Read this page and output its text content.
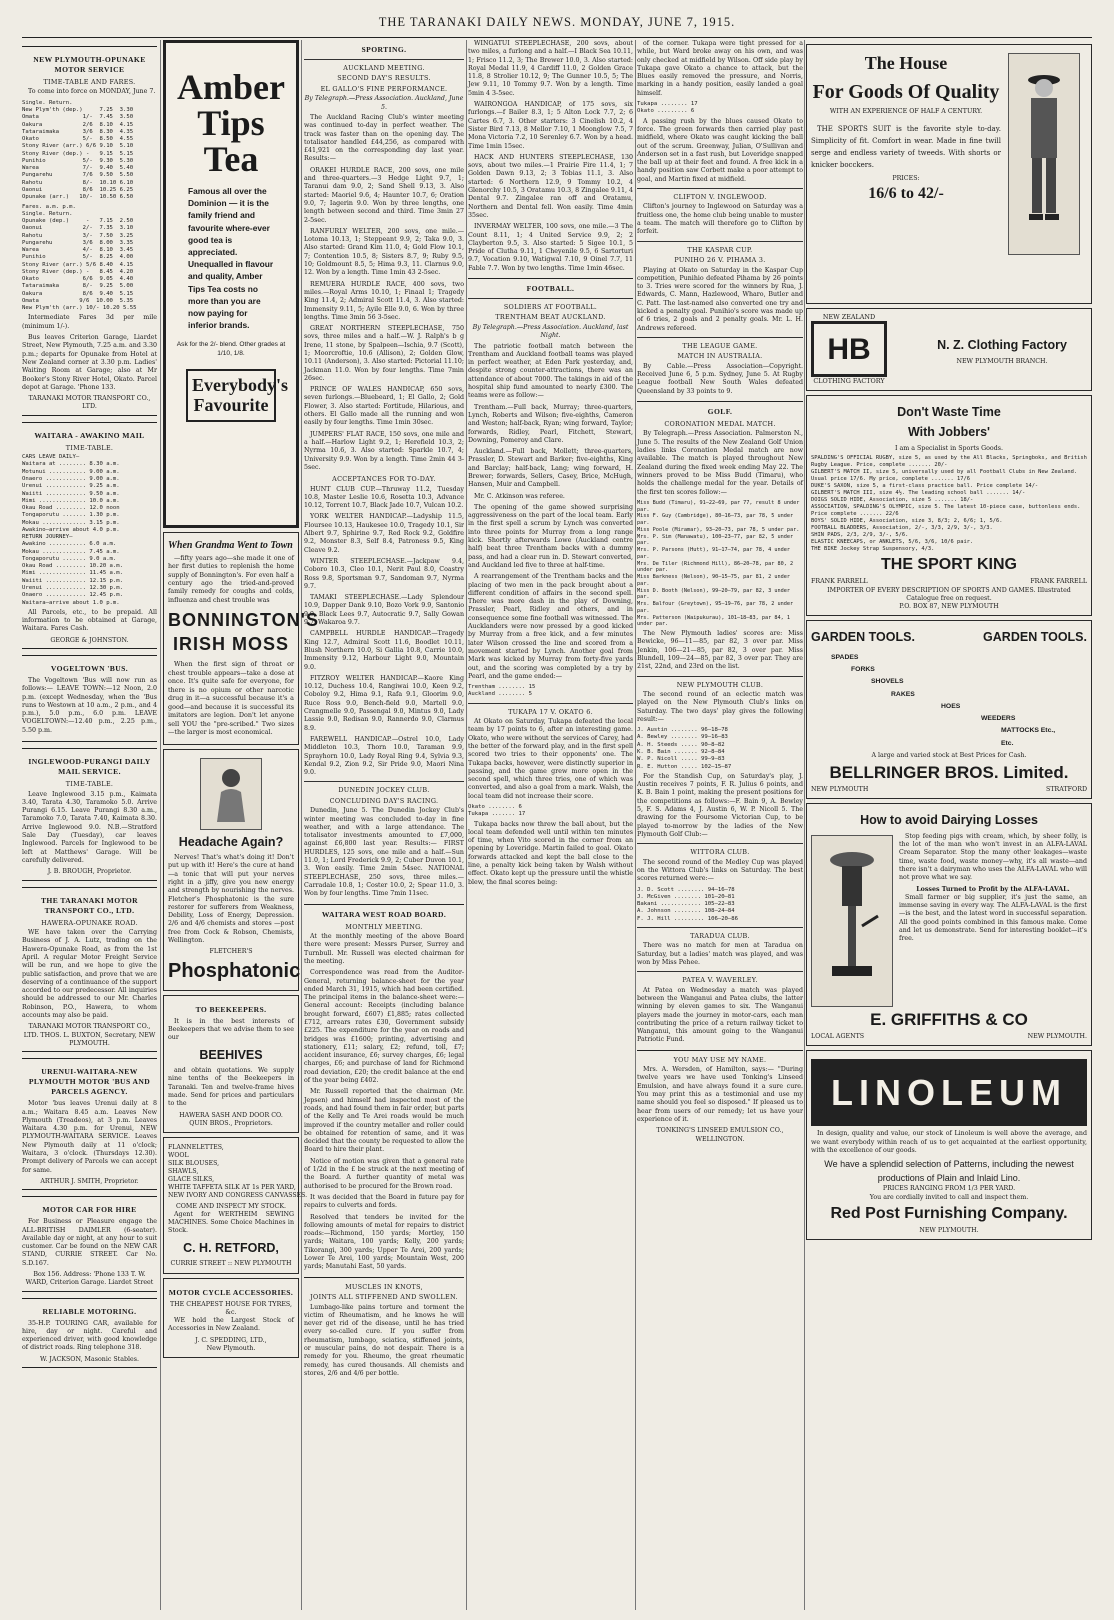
THE TARANAKI DAILY NEWS. MONDAY, JUNE 7, 1915.
NEW PLYMOUTH-OPUNAKE MOTOR SERVICE
TIME-TABLE AND FARES.

To come into force on MONDAY, June 7.

Single. Return.
New Plym'th (dep.)     7.25  3.30
Omata             1/-  7.45  3.50
Oakura            2/6  8.10  4.15
Tataraimaka       3/6  8.30  4.35
Okato             5/-  8.50  4.55
Stony River (arr.) 6/6 9.10  5.10
Stony River (dep.) -   9.15  5.15
Punihio           5/-  9.30  5.30
Warea             7/-  9.40  5.40
Pungarehu         7/6  9.50  5.50
Rahotu            8/-  10.10 6.10
Oaonui            8/6  10.25 6.25
Opunake (arr.)   10/-  10.50 6.50
Fares. a.m. p.m.
Single. Return.
Opunake (dep.)     -   7.15  2.50
Oaonui            2/-  7.35  3.10
Rahotu            3/-  7.50  3.25
Pungarehu         3/6  8.00  3.35
Warea             4/-  8.10  3.45
Punihio           5/-  8.25  4.00
Stony River (arr.) 5/6 8.40  4.15
Stony River (dep.) -   8.45  4.20
Okato             6/6  9.05  4.40
Tataraimaka       8/-  9.25  5.00
Oakura            8/6  9.40  5.15
Omata            9/6  10.00  5.35
New Plym'th (arr.) 10/- 10.20 5.55

Intermediate Fares 3d per mile (minimum 1/-).

Bus leaves Criterion Garage, Liardet Street, New Plymouth, 7.25 a.m. and 3.30 p.m.; departs for Opunake from Hotel at New Zealand corner at 3.30 p.m. Ladies' Waiting Room at Garage; also at Mr Booker's Stony River Hotel, Okato. Parcel depot at Garage. 'Phone 133.

TARANAKI MOTOR TRANSPORT CO., LTD.
WAITARA - AWAKINO MAIL
TIME-TABLE.
CARS LEAVE DAILY—
Waitara at ........ 8.30 a.m.
Motunui ........... 9.00 a.m.
Onaero ............ 9.00 a.m.
Urenui ............ 9.25 a.m.
Waiiti ............ 9.50 a.m.
Mimi .............. 10.0 a.m.
Okau Road ......... 12.0 noon
Tongaporutu ....... 1.30 p.m.
Mokau ............. 3.15 p.m.
Awakino—arrive about 4.0 p.m.
RETURN JOURNEY—
Awakino ........... 6.0 a.m.
Mokau ............. 7.45 a.m.
Tongaporutu ....... 9.0 a.m.
Okau Road ......... 10.20 a.m.
Mimi .............. 11.45 a.m.
Waiiti ............ 12.15 p.m.
Urenui ............ 12.30 p.m.
Onaero ............ 12.45 p.m.
Waitara—arrive about 1.0 p.m.

All Parcels, etc., to be prepaid. All information to be obtained at Garage, Waitara. Fares Cash.

GEORGE & JOHNSTON.
VOGELTOWN 'BUS.

The Vogeltown 'Bus will now run as follows:— LEAVE TOWN:—12 Noon, 2.0 p.m. (except Wednesday, when the 'Bus runs to Westown at 10 a.m., 2 p.m., and 4 p.m.), 5.0 p.m., 6.0 p.m. LEAVE VOGELTOWN:—12.40 p.m., 2.25 p.m., 5.50 p.m.

INGLEWOOD-PURANGI DAILY MAIL SERVICE.
TIME-TABLE.

Leave Inglewood 3.15 p.m., Kaimata 3.40, Tarata 4.30, Taramoko 5.0. Arrive Purangi 6.15. Leave Purangi 8.30 a.m., Taramoko 7.0, Tarata 7.40, Kaimata 8.30. Arrive Inglewood 9.0. N.B.—Stratford Sale Day (Tuesday), car leaves Inglewood. Parcels for Inglewood to be left at Matthews' Garage. Will be carefully delivered.

J. B. BROUGH, Proprietor.
THE TARANAKI MOTOR TRANSPORT CO., LTD.
HAWERA-OPUNAKE ROAD.

WE have taken over the Carrying Business of J. A. Lutz, trading on the Hawera-Opunake Road, as from the 1st April. A regular Motor Freight Service will be run, and we hope to give the public satisfaction, and prove that we are deserving of a continuance of the support accorded to our predecessor. All inquiries should be addressed to our Mr. Charles Robinson, P.O., Hawera, to whom accounts may also be paid.

TARANAKI MOTOR TRANSPORT CO., LTD. THOS. L. BUXTON, Secretary, NEW PLYMOUTH.
URENUI-WAITARA-NEW PLYMOUTH MOTOR 'BUS AND PARCELS AGENCY.

Motor 'bus leaves Urenui daily at 8 a.m.; Waitara 8.45 a.m. Leaves New Plymouth (Treadeos), at 3 p.m. Leaves Waitara 4.30 p.m. for Urenui, NEW PLYMOUTH-WAITARA SERVICE. Leaves New Plymouth daily at 11 o'clock; Waitara, 3 o'clock. (Thursdays 12.30). Prompt delivery of Parcels we can accept for same.

ARTHUR J. SMITH, Proprietor.
MOTOR CAR FOR HIRE

For Business or Pleasure engage the ALL-BRITISH DAIMLER (6-seater). Available day or night, at any hour to suit customer. Car be found on the NEW CAR STAND, CURRIE STREET. Car No. S.D.167.

Box 156. Address: 'Phone 133 T. W. WARD, Criterion Garage. Liardet Street
RELIABLE MOTORING.

35-H.P. TOURING CAR, available for hire, day or night. Careful and experienced driver, with good knowledge of district roads. Ring telephone 318.

W. JACKSON, Masonic Stables.
Amber
Tips Tea
Famous all over the Dominion — it is the family friend and favourite where-ever good tea is appreciated. Unequalled in flavour and quality, Amber Tips Tea costs no more than you are now paying for inferior brands.
Ask for the 2/- blend. Other grades at 1/10, 1/8.
Everybody's Favourite
When Grandma Went to Town

—fifty years ago—she made it one of her first duties to replenish the home supply of Bonnington's. For even half a century ago the tried-and-proved family remedy for coughs and colds, influenza and chest trouble was

BONNINGTON'S IRISH MOSS

When the first sign of throat or chest trouble appears—take a dose at once. It's quite safe for everyone, for there is no opium or other narcotic drug in it—a successful because it's a good—and because it is successful its imitators are legion. Don't let anyone sell YOU the "pre-scribed." Two sizes—the larger is most economical.

Headache Again?

Nerves! That's what's doing it! Don't put up with it! Here's the cure at hand—a tonic that will put your nerves right in a jiffy, give you new energy and strength by nourishing the nerves. Fletcher's Phosphatonic is the sure restorer for sufferers from Weakness, Debility, Loss of Energy, Depression. 2/6 and 4/6 chemists and stores —post free from Cock & Robson, Chemists, Wellington.

FLETCHER'S
Phosphatonic
TO BEEKEEPERS.

It is in the best interests of Beekeepers that we advise them to see our

BEEHIVES

and obtain quotations. We supply nine tenths of the Beekeepers in Taranaki. Ten and twelve-frame hives made. Send for prices and particulars to the

HAWERA SASH AND DOOR CO.
QUIN BROS., Proprietors.
FLANNELETTES,
WOOL
SILK BLOUSES,
SHAWLS,
GLACE SILKS,
WHITE TAFFETA SILK AT 1s PER YARD,
NEW IVORY AND CONGRESS CANVASSES.
COME AND INSPECT MY STOCK.

Agent for WERTHEIM SEWING MACHINES. Some Choice Machines in Stock.

C. H. RETFORD,
CURRIE STREET :: NEW PLYMOUTH
MOTOR CYCLE ACCESSORIES.
THE CHEAPEST HOUSE FOR TYRES, &c.

WE hold the Largest Stock of Accessories in New Zealand.

J. C. SPEDDING, LTD.,
New Plymouth.
SPORTING.
AUCKLAND MEETING.
SECOND DAY'S RESULTS.
EL GALLO'S FINE PERFORMANCE.
By Telegraph.—Press Association. Auckland, June 5.

The Auckland Racing Club's winter meeting was continued to-day in perfect weather. The track was faster than on the opening day. The totalisator handled £44,256, as compared with £41,921 on the corresponding day last year. Results:—

ORAKEI HURDLE RACE, 200 sovs, one mile and three-quarters.—3 Hedge Light 9.7, 1; Taranui dam 9.0, 2; Sand Shell 9.13, 3. Also started: Maoriel 9.6, 4; Haunter 10.7, 6; Oration 9.0, 7; Iagerin 9.0. Won by three lengths, one length between second and third. Time 3min 27 2-5sec.

RANFURLY WELTER, 200 sovs, one mile.—Lotoma 10.13, 1; Steppeant 9.9, 2; Taka 9.0, 3. Also started: Grand Kim 11.0, 4; Gold Flow 10.1, 7; Contention 10.5, 8; Sisters 8.7, 9; Ruby 9.5, 10; Goldmount 8.5, 5; Hima 9.3, 11. Clarnus 9.0, 12. Won by a length. Time 1min 43 2-5sec.

REMUERA HURDLE RACE, 400 sovs, two miles.—Royal Arms 10.10, 1; Finaal 1; Tragedy King 11.4, 2; Admiral Scott 11.4, 3. Also started: Immensity 9.11, 5; Ayile Elle 9.0, 6. Won by three lengths. Time 3min 56 3-5sec.

GREAT NORTHERN STEEPLECHASE, 750 sovs, three miles and a half.—W. J. Ralph's b g Irene, 11 stone, by Spalpeen—Ischia, 9.7 (Scott), 1; Moorcroftie, 10.6 (Allison), 2; Golden Glow, 10.11 (Anderson), 3. Also started: Pictorial 11.10; Jackman 11.0. Won by four lengths. Time 7min 26sec.

PRINCE OF WALES HANDICAP, 650 sovs, seven furlongs.—Bluebeard, 1; El Gallo, 2; Gold Flower, 3. Also started: Fortitude, Hilarious, and others. El Gallo made all the running and won easily by four lengths. Time 1min 30sec.

JUMPERS' FLAT RACE, 150 sovs, one mile and a half.—Harlow Light 9.2, 1; Herefield 10.3, 2; Nyrma 10.6, 3. Also started: Sparkle 10.7, 4; University 9.9. Won by a length. Time 2min 44 3-5sec.

ACCEPTANCES FOR TO-DAY.

HUNT CLUB CUP.—Thruway 11.2, Tuesday 10.8, Master Leslie 10.6, Rosetta 10.3, Advance 10.12, Torrent 10.7, Black Jade 10.7, Vulcan 10.2.

YORK WELTER HANDICAP.—Ladyship 11.5, Floursee 10.13, Haukesee 10.0, Tragedy 10.1, Sir Albert 9.7, Sphirine 9.7, Red Rock 9.2, Goldfire 9.2, Monster 8.3, Self 8.4, Patroness 9.5, King Cleave 9.2.

WINTER STEEPLECHASE.—Jackpaw 9.4, Coboro 10.3, Cleo 10.1, Nerit Paul 8.0, Coastry Ross 9.8, Sportsman 9.7, Sandoman 9.7, Nyrma 9.7.

TAMAKI STEEPLECHASE.—Lady Splendour 10.9, Dapper Dank 9.10, Bozo Vork 9.9, Santonio 9.9, Black Lees 9.7, Autocratic 9.7, Sally Gowan 9.7, Wakaroa 9.7.

CAMPBELL HURDLE HANDICAP.—Tragedy King 12.7, Admiral Scott 11.6, Boodlet 10.11, Blush Northern 10.0, Si Gallia 10.8, Carrie 10.0, Immensity 9.12, Harbour Light 9.0, Mountain 9.0.

FITZROY WELTER HANDICAP.—Kaore King 10.12, Duchess 10.4, Rangiwai 10.0, Keen 9.2, Coboloy 9.2, Hima 9.1, Rafa 9.1, Gloorim 9.0, Ruce Ross 9.0, Bench-field 9.0, Martell 9.0, Crangmelle 9.0, Passengal 9.0, Mintus 9.0, Lady Lassie 9.0, Redisan 9.0, Rannerdo 9.0, Clarmus 8.9.

FAREWELL HANDICAP.—Ostrel 10.0, Lady Middleton 10.3, Thorn 10.0, Taraman 9.9, Sprayhorn 10.0, Lady Royal Ring 9.4, Sylvia 9.3, Kendal 9.2, Zion 9.2, Sir Pride 9.0, Maori Nina 9.0.

DUNEDIN JOCKEY CLUB.
CONCLUDING DAY'S RACING.

Dunedin, June 5. The Dunedin Jockey Club's winter meeting was concluded to-day in fine weather, and with a large attendance. The totalisator investments amounted to £7,000, against £6,800 last year. Results:— FIRST HURDLES, 125 sovs, one mile and a half.—Sun 11.0, 1; Lord Frederick 9.9, 2; Cuber Duvon 10.1, 3. Won easily. Time 2min 54sec. NATIONAL STEEPLECHASE, 250 sovs, three miles.—Carradale 10.8, 1; Coster 10.0, 2; Spear 11.0, 3. Won by four lengths. Time 7min 11sec.

WAITARA WEST ROAD BOARD.
MONTHLY MEETING.

At the monthly meeting of the above Board there were present: Messrs Purser, Surrey and Turnbull. Mr. Russell was elected chairman for the meeting.

Correspondence was read from the Auditor-General, returning balance-sheet for the year ended March 31, 1915, which had been certified. The principal items in the balance-sheet were:—General account: Receipts (including balance brought forward, £607) £1,885; rates collected £712, arrears rates £30, Government subsidy £225. The expenditure for the year on roads and bridges was £1600; printing, advertising and stationery, £11; salary, £2; refund, toll, £7; accident insurance, £6; survey charges, £6; legal charges, £6; and purchase of land for Richmond road deviation, £20; the credit balance at the end of the year being £402.

Mr. Russell reported that the chairman (Mr. Jepsen) and himself had inspected most of the roads, and had found them in fair order, but parts of the Kelly and Te Arei roads would be much improved if the country metaller and roller could be obtained for retention of same, and it was decided that the county be requested to allow the Board to hire their plant.

Notice of motion was given that a general rate of 1/2d in the £ be struck at the next meeting of the Board. A further quantity of metal was authorised to be procured for the Brown road.

It was decided that the Board in future pay for repairs to culverts and fords.

Resolved that tenders be invited for the following amounts of metal for repairs to district roads:—Richmond, 150 yards; Mortley, 150 yards; Waitara, 100 yards; Kelly, 200 yards; Tikorangi, 300 yards; Upper Te Arei, 200 yards; Lower Te Arei, 100 yards; Mountain West, 200 yards; Manutahi East, 50 yards.

MUSCLES IN KNOTS,
JOINTS ALL STIFFENED AND SWOLLEN.

Lumbago-like pains torture and torment the victim of Rheumatism, and he knows he will never get rid of the disease, until he has tried every so-called cure. If you suffer from rheumatism, lumbago, sciatica, stiffened joints, or muscular pains, do not despair. There is a remedy for you. Rheumo, the great rheumatic remedy, has cured thousands. All chemists and stores, 2/6 and 4/6 per bottle.

WINGATUI STEEPLECHASE, 200 sovs, about two miles, a furlong and a half.—I Black Sea 10.11, 1; Frisco 11.2, 3; The Brewer 10.0, 3. Also started: Royal Medal 11.9, 4 Cardiff 11.0, 2 Golden Grace 11.8, 8 Strolier 10.12, 9; The Gunner 10.5, 5; The Jew 9.11, 10 Tommy 9.7. Won by a length. Time 5min 4 3-5sec.

WAIRONGOA HANDICAP, of 175 sovs, six furlongs.—f Bailer 8.3, 1; 5 Alton Lock 7.7, 2; 6 Cartes 6.7, 3. Other starters: 3 Cinelish 10.2, 4 Sister Bird 7.13, 8 Mellor 7.10, 1 Moonglow 7.5, 7 Mona Victoria 7.2, 10 Serenley 6.7. Won by a head. Time 1min 15sec.

HACK AND HUNTERS STEEPLECHASE, 130 sovs, about two miles.—1 Prairie Fire 11.4, 1; 7 Golden Dawn 9.13, 2; 3 Tobias 11.1, 3. Also started: 6 Northern 12.9, 9 Tommy 10.2, 4 Glenorchy 10.5, 3 Oratamu 10.3, 8 Zingalee 9.11, 4 Dental 9.7. Zingalee ran off and Oratamu, Northern and Dental fell. Won easily. Time 4min 35sec.

INVERMAY WELTER, 100 sovs, one mile.—3 The Count 8.11, 1; 4 United Service 9.9, 2; 2 Clayberton 9.5, 3. Also started: 5 Sigee 10.1, 5 Pride of Clutha 9.11, 1 Cheyenile 9.5, 6 Sartorturi 9.7, Vocation 9.10, Watigwal 7.10, 9 Oinel 7.7, 11 Fable 7.7. Won by two lengths. Time 1min 46sec.

FOOTBALL.
SOLDIERS AT FOOTBALL.
TRENTHAM BEAT AUCKLAND.
By Telegraph.—Press Association. Auckland, last Night.

The patriotic football match between the Trentham and Auckland football teams was played in perfect weather, at Eden Park yesterday, and, despite strong counter-attractions, there was an attendance of about 7000. The takings in aid of the hospital ship fund amounted to nearly £300. The teams were as follow:—

Trentham.—Full back, Murray; three-quarters, Lynch, Roberts and Wilson; five-eighths, Cameron and Weston; half-back, Ryan; wing forward, Taylor; forwards, Ridley, Pearl, Fitchett, Stewart, Downing, Pomeroy and Clare.

Auckland.—Full back, Mollett; three-quarters, Prassler, D. Stewart and Barker; five-eighths, King and Barclay; half-back, Lang; wing forward, H. Brewer; forwards, Sellers, Casey, Brice, McHugh, Hansen, Muir and Campbell.

Mr. C. Atkinson was referee.

The opening of the game showed surprising aggressiveness on the part of the local team. Early in the first spell a scrum by Lynch was converted into three points for Murray from a long range kick. Shortly afterwards Lowe (Auckland centre half) beat three Trentham backs with a dummy pass, and had a clear run in. D. Stewart converted, and Auckland led five to three at half-time.

A rearrangement of the Trentham backs and the placing of two men in the pack brought about a different condition of affairs in the second spell. There was more dash in the play of Downing, Prassler, Pearl, Ridley and others, and in consequence some fine football was witnessed. The Aucklanders were now pressed by a good kicked by Murray from a free kick, and a few minutes later Wilson crossed the line and scored from a movement started by Lynch. Another goal from Mark was kicked by Murray from forty-five yards out, and the scoring was completed by a try by Pearl, and the game ended:—

Trentham ........ 15
Auckland ........ 5
TUKAPA 17 V. OKATO 6.

At Okato on Saturday, Tukapa defeated the local team by 17 points to 6, after an interesting game. Okato, who were without the services of Carey, had the better of the forward play, and in the first spell scored two tries to their opponents' one. The Tukapa backs, however, were distinctly superior in passing, and the game grew more open in the second spell, which three tries, one of which was converted, and also a goal from a mark. Walsh, the local team did not increase their score.

Okato ........ 6
Tukapa ....... 17

Tukapa backs now threw the ball about, but the local team defended well until within ten minutes of time, when Vito scored in the corner from an opening by Loveridge. Martin failed to goal. Okato forwards attacked and kept the ball close to the line, a penalty kick being taken by Walsh without effect. Okato kept up the pressure until the whistle blew, the final scores being:

of the corner. Tukapa were tight pressed for a while, but Ward broke away on his own, and was only checked at midfield by Wilson. Off side play by Tukapa gave Okato a chance to attack, but the Blues easily removed the pressure, and Norris, marking in a handy position, easily landed a goal himself.

Tukapa ........ 17
Okato ......... 6

A passing rush by the blues caused Okato to force. The green forwards then carried play past midfield, where Okato was caught kicking the ball out of the scrum. Greenway, Julian, O'Sullivan and Anderson set in a fast rush, but Loveridge snapped the ball up at their feet and found. A free kick in a handy position saw Corbett make a poor attempt to goal, and Martin fixed at midfield.

CLIFTON V. INGLEWOOD.

Clifton's journey to Inglewood on Saturday was a fruitless one, the home club being unable to muster a team. The match will therefore go to Clifton by forfeit.

THE KASPAR CUP.
PUNIHO 26 V. PIHAMA 3.

Playing at Okato on Saturday in the Kaspar Cup competition, Punihio defeated Pihama by 26 points to 3. Tries were scored for the winners by Rua, J. Edwards, C. Mann, Hazlewood, Wharo, Butler and C. Patt. The last-named also converted one try and kicked a penalty goal. Punihio's score was made up of 6 tries, 2 goals and 2 penalty goals. Mr. L. H. Andrews refereed.

THE LEAGUE GAME.
MATCH IN AUSTRALIA.

By Cable.—Press Association—Copyright. Received June 6, 5 p.m. Sydney, June 5. At Rugby League football New South Wales defeated Queensland by 33 points to 9.

GOLF.
CORONATION MEDAL MATCH.

By Telegraph.—Press Association. Palmerston N., June 5. The results of the New Zealand Golf Union ladies links Coronation Medal match are now available. The match is played throughout New Zealand during the fixed week ending May 22. The winners proved to be Miss Budd (Timaru), who holds the challenge medal for the year. Details of the first ten scores follow:—

Miss Budd (Timaru), 91—22—69, par 77, result 8 under par.
Miss F. Guy (Cambridge), 80—16—73, par 78, 5 under par.
Miss Poole (Miramar), 93—20—73, par 78, 5 under par.
Mrs. P. Sim (Manawatu), 100—23—77, par 82, 5 under par.
Mrs. P. Parsons (Hutt), 91—17—74, par 78, 4 under par.
Mrs. De Tiler (Richmond Hill), 86—20—78, par 80, 2 under par.
Miss Barkness (Nelson), 90—15—75, par 81, 2 under par.
Miss D. Booth (Nelson), 99—20—79, par 82, 3 under par.
Mrs. Balfour (Greytown), 95—19—76, par 78, 2 under par.
Mrs. Patterson (Waipukurau), 101—18—83, par 84, 1 under par.

The New Plymouth ladies' scores are: Miss Bewicke, 96—11—85, par 82, 3 over par. Miss Jenkin, 106—21—85, par 82, 3 over par. Miss Blundell, 109—24—85, par 82, 3 over par. They are 21st, 22nd, and 23rd on the list.

NEW PLYMOUTH CLUB.

The second round of an eclectic match was played on the New Plymouth Club's links on Saturday. The two days' play gives the following result:—

J. Austin ........ 96—18—78
A. Bewley ........ 99—16—83
A. H. Steeds ..... 90—8—82
K. B. Bain ....... 92—8—84
W. P. Nicoll ..... 99—9—83
R. E. Hutton ..... 102—15—87

For the Standish Cup, on Saturday's play, J. Austin receives 7 points, F. R. Julius 6 points, and K. B. Bain 1 point, making the present positions for the competitions as follows:—F. Bain 9, A. Bewley 5, F. S. Adams 4, J. Austin 6, W. P. Nicoll 5. The drawing for the Foursome Victorian Cup, to be played to-morrow by the ladies of the New Plymouth Golf Club:—

WITTORA CLUB.

The second round of the Medley Cup was played on the Wittora Club's links on Saturday. The best scores returned were:—

J. D. Scott ........ 94—16—78
J. McGiven ........ 101—20—81
Bakani ............ 105—22—83
A. Johnson ........ 108—24—84
F. J. Hill ......... 106—20—86
TARADUA CLUB.

There was no match for men at Taradua on Saturday, but a ladies' match was played, and was won by Miss Pehee.

PATEA V. WAVERLEY.

At Patea on Wednesday a match was played between the Wanganui and Patea clubs, the latter winning by eleven games to six. The Wanganui players made the journey in motor-cars, each man contributing the price of a return railway ticket to Wanganui, this amount going to the Wanganui Patriotic Fund.

YOU MAY USE MY NAME.

Mrs. A. Wersden, of Hamilton, says:— "During twelve years we have used Tonking's Linseed Emulsion, and have always found it a sure cure. You may print this as a testimonial and use my name should you feel so disposed." If pleased us to hear from users of our remedy; let us have your experience of it.

TONKING'S LINSEED EMULSION CO., WELLINGTON.
The House
For Goods Of Quality
WITH AN EXPERIENCE OF HALF A CENTURY.

THE SPORTS SUIT is the favorite style to-day. Simplicity of fit. Comfort in wear. Made in fine twill serge and endless variety of tweeds. With shorts or knicker bocckers.

PRICES:
16/6 to 42/-
NEW ZEALAND
HB
CLOTHING FACTORY
N. Z. Clothing Factory
NEW PLYMOUTH BRANCH.
Don't Waste Time
With Jobbers'
I am a Specialist in Sports Goods.
SPALDING'S OFFICIAL RUGBY, size 5, as used by the All Blacks, Springboks, and British Rugby League. Price, complete ....... 20/-
GILBERT'S MATCH II, size 5, universally used by all Football Clubs in New Zealand. Usual price 17/6. My price, complete ....... 17/6
DUKE'S SAXON, size 5, a first-class practice ball. Price complete 14/-
GILBERT'S MATCH III, size 4½. The leading school ball ....... 14/-
DOIGS SOLID HIDE, Association, size 5 ....... 18/-
ASSOCIATION, SPALDING'S OLYMPIC, size 5. The latest 10-piece case, buttonless ends. Price complete ....... 22/6
BOYS' SOLID HIDE, Association, size 3, 8/3; 2, 6/6; 1, 5/6.
FOOTBALL BLADDERS, Association, 2/-, 3/3, 2/9, 3/-, 3/3.
SHIN PADS, 2/3, 2/9, 3/-, 5/6.
ELASTIC KNEECAPS, or ANKLETS, 5/6, 3/6, 10/6 pair.
THE BIKE Jockey Strap Suspensory, 4/3.
THE SPORT KING
FRANK FARRELL	FRANK FARRELL
IMPORTER OF EVERY DESCRIPTION OF SPORTS AND GAMES. Illustrated Catalogue free on request.
P.O. BOX 87, NEW PLYMOUTH
GARDEN TOOLS.	GARDEN TOOLS.
SPADES
FORKS
SHOVELS
RAKES
HOES
WEEDERS
MATTOCKS Etc., Etc.
A large and varied stock at Best Prices for Cash.
BELLRINGER BROS. Limited.
NEW PLYMOUTH	STRATFORD
How to avoid Dairying Losses

Stop feeding pigs with cream, which, by sheer folly, is the lot of the man who won't invest in an ALFA-LAVAL Cream Separator. Stop the many other leakages—waste time, waste food, waste money—why, it's all waste—and there isn't a dairyman who uses the ALFA-LAVAL who will not prove what we say.

Losses Turned to Profit by the ALFA-LAVAL.

Small farmer or big supplier, it's just the same, an immense saving in every way. The ALFA-LAVAL is the first—is the best, and the latest word in successful separation. All the good points combined in this famous make. Come and let us demonstrate. Send for interesting booklet—it's free.

E. GRIFFITHS & CO
LOCAL AGENTS	NEW PLYMOUTH.
LINOLEUM

In design, quality and value, our stock of Linoleum is well above the average, and we want everybody within reach of us to get acquainted at the earliest opportunity, with the excellence of our goods.

We have a splendid selection of Patterns, including the newest productions of Plain and Inlaid Lino.
PRICES RANGING FROM 1/3 PER YARD.
You are cordially invited to call and inspect them.
Red Post Furnishing Company.
NEW PLYMOUTH.
